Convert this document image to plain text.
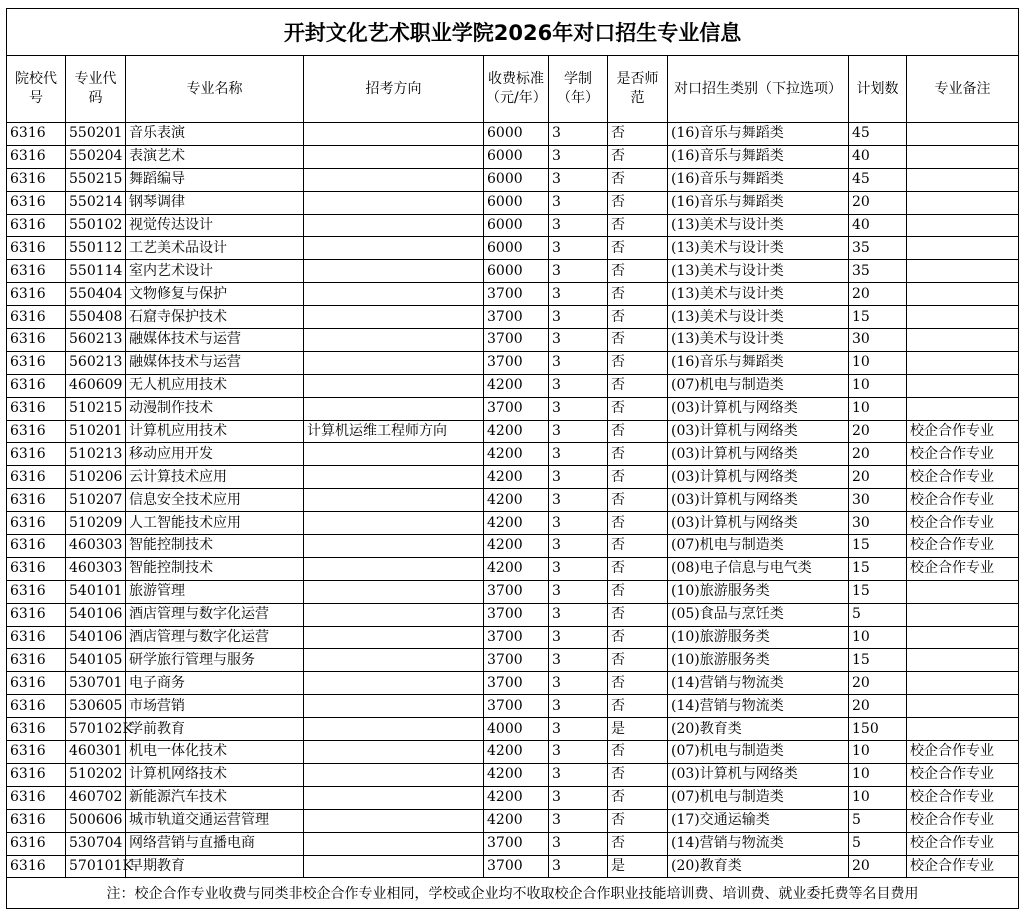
开封文化艺术职业学院2026年对口招生专业信息									
院校代号	专业代码	专业名称	招考方向	收费标准（元/年）	学制（年）	是否师范	对口招生类别（下拉选项）	计划数	专业备注
6316	550201	音乐表演		6000	3	否	(16)音乐与舞蹈类	45	
6316	550204	表演艺术		6000	3	否	(16)音乐与舞蹈类	40	
6316	550215	舞蹈编导		6000	3	否	(16)音乐与舞蹈类	45	
6316	550214	钢琴调律		6000	3	否	(16)音乐与舞蹈类	20	
6316	550102	视觉传达设计		6000	3	否	(13)美术与设计类	40	
6316	550112	工艺美术品设计		6000	3	否	(13)美术与设计类	35	
6316	550114	室内艺术设计		6000	3	否	(13)美术与设计类	35	
6316	550404	文物修复与保护		3700	3	否	(13)美术与设计类	20	
6316	550408	石窟寺保护技术		3700	3	否	(13)美术与设计类	15	
6316	560213	融媒体技术与运营		3700	3	否	(13)美术与设计类	30	
6316	560213	融媒体技术与运营		3700	3	否	(16)音乐与舞蹈类	10	
6316	460609	无人机应用技术		4200	3	否	(07)机电与制造类	10	
6316	510215	动漫制作技术		3700	3	否	(03)计算机与网络类	10	
6316	510201	计算机应用技术	计算机运维工程师方向	4200	3	否	(03)计算机与网络类	20	校企合作专业
6316	510213	移动应用开发		4200	3	否	(03)计算机与网络类	20	校企合作专业
6316	510206	云计算技术应用		4200	3	否	(03)计算机与网络类	20	校企合作专业
6316	510207	信息安全技术应用		4200	3	否	(03)计算机与网络类	30	校企合作专业
6316	510209	人工智能技术应用		4200	3	否	(03)计算机与网络类	30	校企合作专业
6316	460303	智能控制技术		4200	3	否	(07)机电与制造类	15	校企合作专业
6316	460303	智能控制技术		4200	3	否	(08)电子信息与电气类	15	校企合作专业
6316	540101	旅游管理		3700	3	否	(10)旅游服务类	15	
6316	540106	酒店管理与数字化运营		3700	3	否	(05)食品与烹饪类	5	
6316	540106	酒店管理与数字化运营		3700	3	否	(10)旅游服务类	10	
6316	540105	研学旅行管理与服务		3700	3	否	(10)旅游服务类	15	
6316	530701	电子商务		3700	3	否	(14)营销与物流类	20	
6316	530605	市场营销		3700	3	否	(14)营销与物流类	20	
6316	570102K	学前教育		4000	3	是	(20)教育类	150	
6316	460301	机电一体化技术		4200	3	否	(07)机电与制造类	10	校企合作专业
6316	510202	计算机网络技术		4200	3	否	(03)计算机与网络类	10	校企合作专业
6316	460702	新能源汽车技术		4200	3	否	(07)机电与制造类	10	校企合作专业
6316	500606	城市轨道交通运营管理		4200	3	否	(17)交通运输类	5	校企合作专业
6316	530704	网络营销与直播电商		3700	3	否	(14)营销与物流类	5	校企合作专业
6316	570101K	早期教育		3700	3	是	(20)教育类	20	校企合作专业
注：校企合作专业收费与同类非校企合作专业相同，学校或企业均不收取校企合作职业技能培训费、培训费、就业委托费等名目费用									
